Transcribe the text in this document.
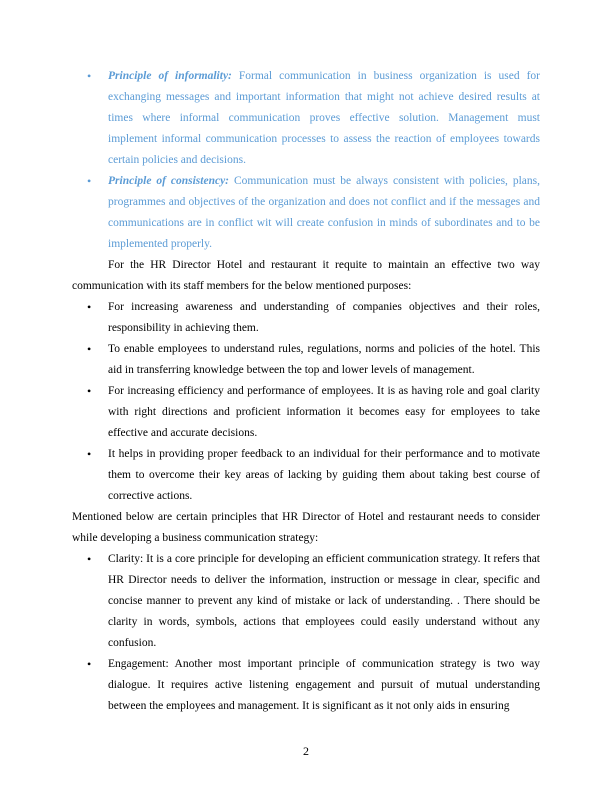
• Principle of informality: Formal communication in business organization is used for exchanging messages and important information that might not achieve desired results at times where informal communication proves effective solution. Management must implement informal communication processes to assess the reaction of employees towards certain policies and decisions.
• Principle of consistency: Communication must be always consistent with policies, plans, programmes and objectives of the organization and does not conflict and if the messages and communications are in conflict wit will create confusion in minds of subordinates and to be implemented properly.

For the HR Director Hotel and restaurant it requite to maintain an effective two way communication with its staff members for the below mentioned purposes:

• For increasing awareness and understanding of companies objectives and their roles, responsibility in achieving them.
• To enable employees to understand rules, regulations, norms and policies of the hotel. This aid in transferring knowledge between the top and lower levels of management.
• For increasing efficiency and performance of employees. It is as having role and goal clarity with right directions and proficient information it becomes easy for employees to take effective and accurate decisions.
• It helps in providing proper feedback to an individual for their performance and to motivate them to overcome their key areas of lacking by guiding them about taking best course of corrective actions.

Mentioned below are certain principles that HR Director of Hotel and restaurant needs to consider while developing a business communication strategy:

• Clarity: It is a core principle for developing an efficient communication strategy. It refers that HR Director needs to deliver the information, instruction or message in clear, specific and concise manner to prevent any kind of mistake or lack of understanding. . There should be clarity in words, symbols, actions that employees could easily understand without any confusion.
• Engagement: Another most important principle of communication strategy is two way dialogue. It requires active listening engagement and pursuit of mutual understanding between the employees and management. It is significant as it not only aids in ensuring
2
